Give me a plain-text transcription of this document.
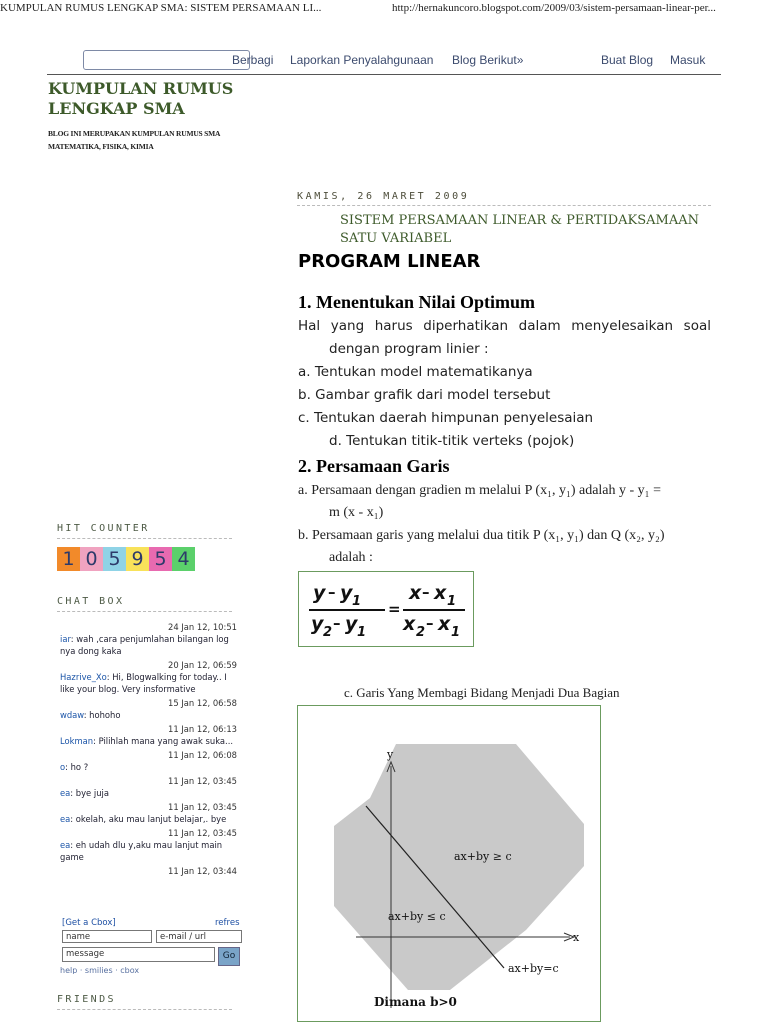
KUMPULAN RUMUS LENGKAP SMA: SISTEM PERSAMAAN LI...	http://hernakuncoro.blogspot.com/2009/03/sistem-persamaan-linear-per...
Berbagi Laporkan Penyalahgunaan Blog Berikut»	Buat Blog Masuk
KUMPULAN RUMUS LENGKAP SMA
BLOG INI MERUPAKAN KUMPULAN RUMUS SMA MATEMATIKA, FISIKA, KIMIA
HIT COUNTER
1 0 5 9 5 4
CHAT BOX
24 Jan 12, 10:51
iar: wah ,cara penjumlahan bilangan log nya dong kaka
20 Jan 12, 06:59
Hazrive_Xo: Hi, Blogwalking for today.. I like your blog. Very insformative
15 Jan 12, 06:58
wdaw: hohoho
11 Jan 12, 06:13
Lokman: Pilihlah mana yang awak suka...
11 Jan 12, 06:08
o: ho ?
11 Jan 12, 03:45
ea: bye juja
11 Jan 12, 03:45
ea: okelah, aku mau lanjut belajar,. bye
11 Jan 12, 03:45
ea: eh udah dlu y,aku mau lanjut main game
11 Jan 12, 03:44
[Get a Cbox]	refres
name	e-mail / url
message	Go
help · smilies · cbox
FRIENDS
KAMIS, 26 MARET 2009
SISTEM PERSAMAAN LINEAR & PERTIDAKSAMAAN SATU VARIABEL
PROGRAM LINEAR
1. Menentukan Nilai Optimum
Hal yang harus diperhatikan dalam menyelesaikan soal
dengan program linier :
a. Tentukan model matematikanya
b. Gambar grafik dari model tersebut
c. Tentukan daerah himpunan penyelesaian
d. Tentukan titik-titik verteks (pojok)
2. Persamaan Garis
a. Persamaan dengan gradien m melalui P (x₁, y₁) adalah y - y₁ =
m (x - x₁)
b. Persamaan garis yang melalui dua titik P (x₁, y₁) dan Q (x₂, y₂)
adalah :
y – y 1
y 2
– y 1
=
x – x 1
x 2
– x 1
c. Garis Yang Membagi Bidang Menjadi Dua Bagian
y
x
ax+by ≥ c
ax+by ≤ c
ax+by=c
Dimana b>0
